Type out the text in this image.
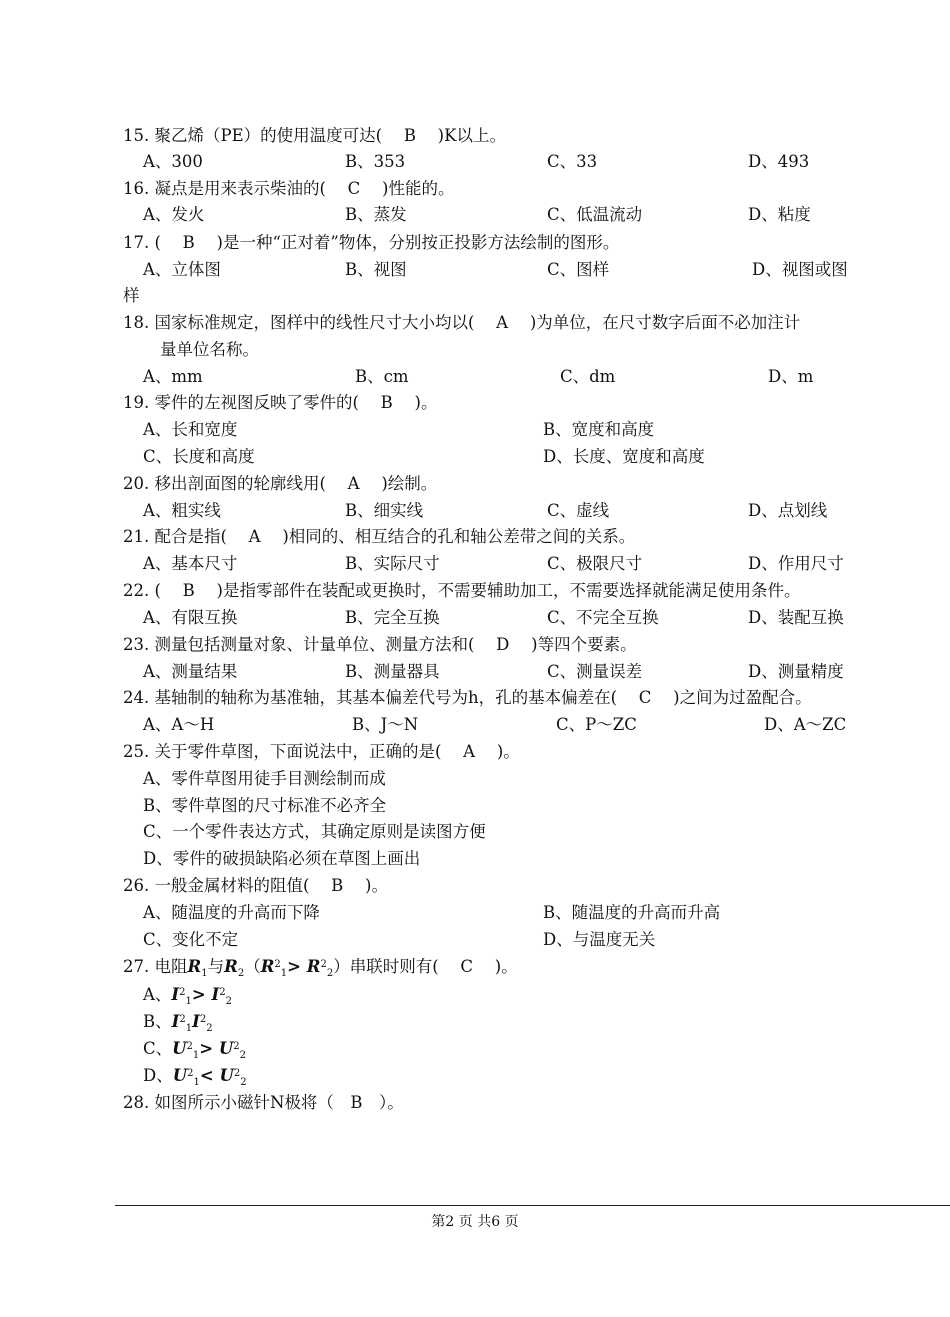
15. 聚乙烯（PE）的使用温度可达(　 B　 )K以上。
A、300	B、353	C、33	D、493
16. 凝点是用来表示柴油的(　 C　 )性能的。
A、发火	B、蒸发	C、低温流动	D、粘度
17. (　 B　 )是一种“正对着”物体，分别按正投影方法绘制的图形。
A、立体图	B、视图	C、图样	D、视图或图
样
18. 国家标准规定，图样中的线性尺寸大小均以(　 A　 )为单位，在尺寸数字后面不必加注计
量单位名称。
A、mm	B、cm	C、dm	D、m
19. 零件的左视图反映了零件的(　 B　 )。
A、长和宽度	B、宽度和高度
C、长度和高度	D、长度、宽度和高度
20. 移出剖面图的轮廓线用(　 A　 )绘制。
A、粗实线	B、细实线	C、虚线	D、点划线
21. 配合是指(　 A　 )相同的、相互结合的孔和轴公差带之间的关系。
A、基本尺寸	B、实际尺寸	C、极限尺寸	D、作用尺寸
22. (　 B　 )是指零部件在装配或更换时，不需要辅助加工，不需要选择就能满足使用条件。
A、有限互换	B、完全互换	C、不完全互换	D、装配互换
23. 测量包括测量对象、计量单位、测量方法和(　 D　 )等四个要素。
A、测量结果	B、测量器具	C、测量误差	D、测量精度
24. 基轴制的轴称为基准轴，其基本偏差代号为h，孔的基本偏差在(　 C　 )之间为过盈配合。
A、A～H	B、J～N	C、P～ZC	D、A～ZC
25. 关于零件草图，下面说法中，正确的是(　 A　 )。
A、零件草图用徒手目测绘制而成
B、零件草图的尺寸标准不必齐全
C、一个零件表达方式，其确定原则是读图方便
D、零件的破损缺陷必须在草图上画出
26. 一般金属材料的阻值(　 B　 )。
A、随温度的升高而下降	B、随温度的升高而升高
C、变化不定	D、与温度无关
27. 电阻$R_1$与$R_2(R^2_1> R^2_2)$串联时则有(　 C　 )。
A、$I^2_1> I^2_2$
B、$I^2_1I^2_2$
C、$U^2_1> U^2_2$
D、$U^2_1< U^2_2$
28. 如图所示小磁针N极将（　B　）。
第2 页 共6 页
